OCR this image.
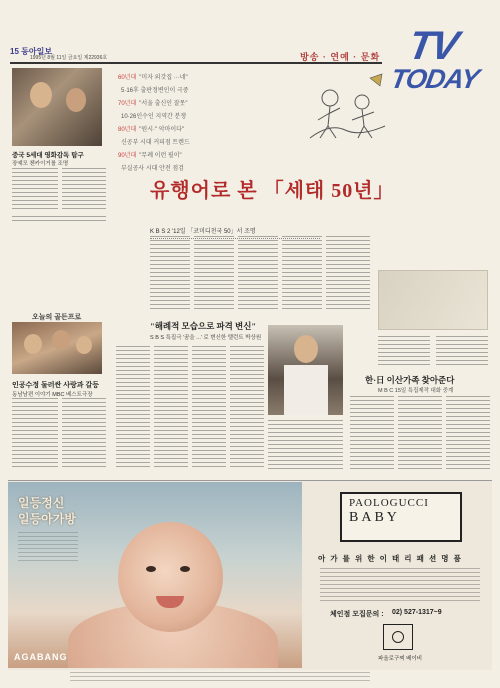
15 동아일보
1995년 8월 11일 금요일 제22936호	방송 · 연예 · 문화 TV
TODAY
중국 5세대 영화감독 탐구
장예모 첸카이거를 조명
오늘의 골든프로
인공수정 둘러싼 사랑과 갈등
동남남편 이야기 MBC 베스트극장
60년대 "미자 외갓집 ···네"
5·16후 출판정변인이 극중
70년대 "서울 출신인 잘못"
10·26인수인 지역간 분쟁
80년대 "원시·" 악마이다"
신공부 시대 커피점 트렌드
90년대 "무례 이런 필이"
부실공사 시대 안전 점검
유행어로 본 「세태 50년」
K B S 2 '12일 「코미디천국 50」서 조명
"해례적 모습으로 파격 변신"
S B S 특집극 '꿈을 ...' 로 변신한 탤런트 박상원
한·日 이산가족 찾아준다
M B C 15일 특집제작 대화 중계
일등정신
일등아가방
AGABANG
PAOLOGUCCI
BABY
아 가 를 위 한 이 태 리 패 션 명 품
체인점 모집문의 : 02) 527-1317~9
파올로구찌 베이비
